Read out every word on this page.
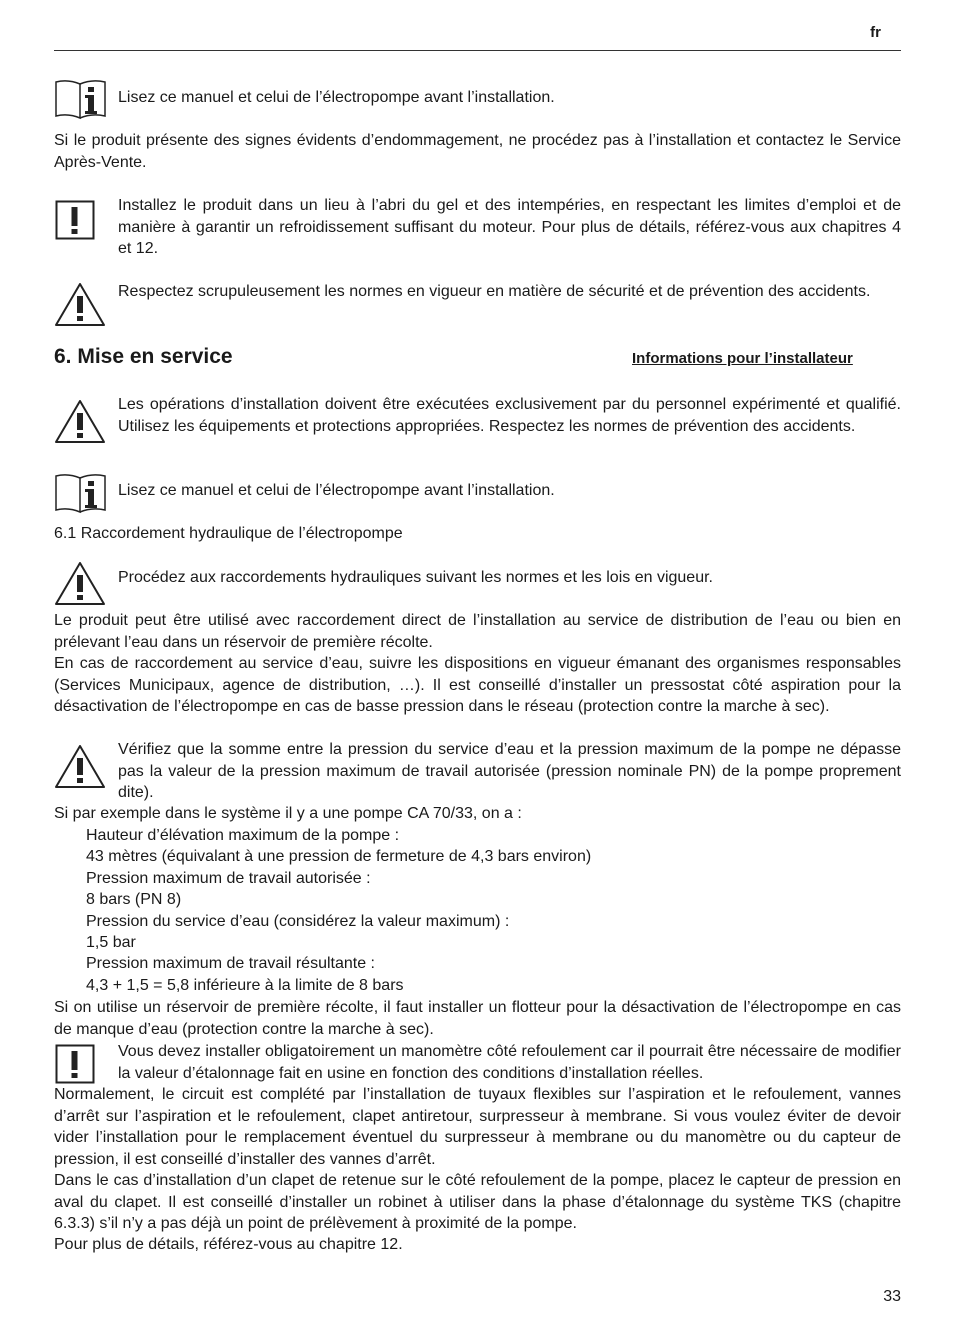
fr
Lisez ce manuel et celui de l’électropompe avant l’installation.
Si le produit présente des signes évidents d’endommagement, ne procédez pas à l’installation et contactez le Service Après-Vente.
Installez le produit dans un lieu à l’abri du gel et des intempéries, en respectant les limites d’emploi et de manière à garantir un refroidissement suffisant du moteur. Pour plus de détails, référez-vous aux chapitres 4 et 12.
Respectez scrupuleusement les normes en vigueur en matière de sécurité et de prévention des accidents.
6. Mise en service	Informations pour l’installateur
Les opérations d’installation doivent être exécutées exclusivement par du personnel expérimenté et qualifié. Utilisez les équipements et protections appropriées. Respectez les normes de prévention des accidents.
Lisez ce manuel et celui de l’électropompe avant l’installation.
6.1 Raccordement hydraulique de l’électropompe
Procédez aux raccordements hydrauliques suivant les normes et les lois en vigueur.
Le produit peut être utilisé avec raccordement direct de l’installation au service de distribution de l’eau ou bien en prélevant l’eau dans un réservoir de première récolte.
En cas de raccordement au service d’eau, suivre les dispositions en vigueur émanant des organismes responsables (Services Municipaux, agence de distribution, …). Il est conseillé d’installer un pressostat côté aspiration pour la désactivation de l’électropompe en cas de basse pression dans le réseau (protection contre la marche à sec).
Vérifiez que la somme entre la pression du service d’eau et la pression maximum de la pompe ne dépasse pas la valeur de la pression maximum de travail autorisée (pression nominale PN) de la pompe proprement dite).
Si par exemple dans le système il y a une pompe CA 70/33, on a :
Hauteur d’élévation maximum de la pompe :
43 mètres (équivalant à une pression de fermeture de 4,3 bars environ)
Pression maximum de travail autorisée :
8 bars (PN 8)
Pression du service d’eau (considérez la valeur maximum) :
1,5 bar
Pression maximum de travail résultante :
4,3 + 1,5 = 5,8 inférieure à la limite de 8 bars
Si on utilise un réservoir de première récolte, il faut installer un flotteur pour la désactivation de l’électropompe en cas de manque d’eau (protection contre la marche à sec).
Vous devez installer obligatoirement un manomètre côté refoulement car il pourrait être nécessaire de modifier la valeur d’étalonnage fait en usine en fonction des conditions d’installation réelles.
Normalement, le circuit est complété par l’installation de tuyaux flexibles sur l’aspiration et le refoulement, vannes d’arrêt sur l’aspiration et le refoulement, clapet antiretour, surpresseur à membrane. Si vous voulez éviter de devoir vider l’installation pour le remplacement éventuel du surpresseur à membrane ou du manomètre ou du capteur de pression, il est conseillé d’installer des vannes d’arrêt.
Dans le cas d’installation d’un clapet de retenue sur le côté refoulement de la pompe, placez le capteur de pression en aval du clapet. Il est conseillé d’installer un robinet à utiliser dans la phase d’étalonnage du système TKS (chapitre 6.3.3) s’il n’y a pas déjà un point de prélèvement à proximité de la pompe.
Pour plus de détails, référez-vous au chapitre 12.
33
